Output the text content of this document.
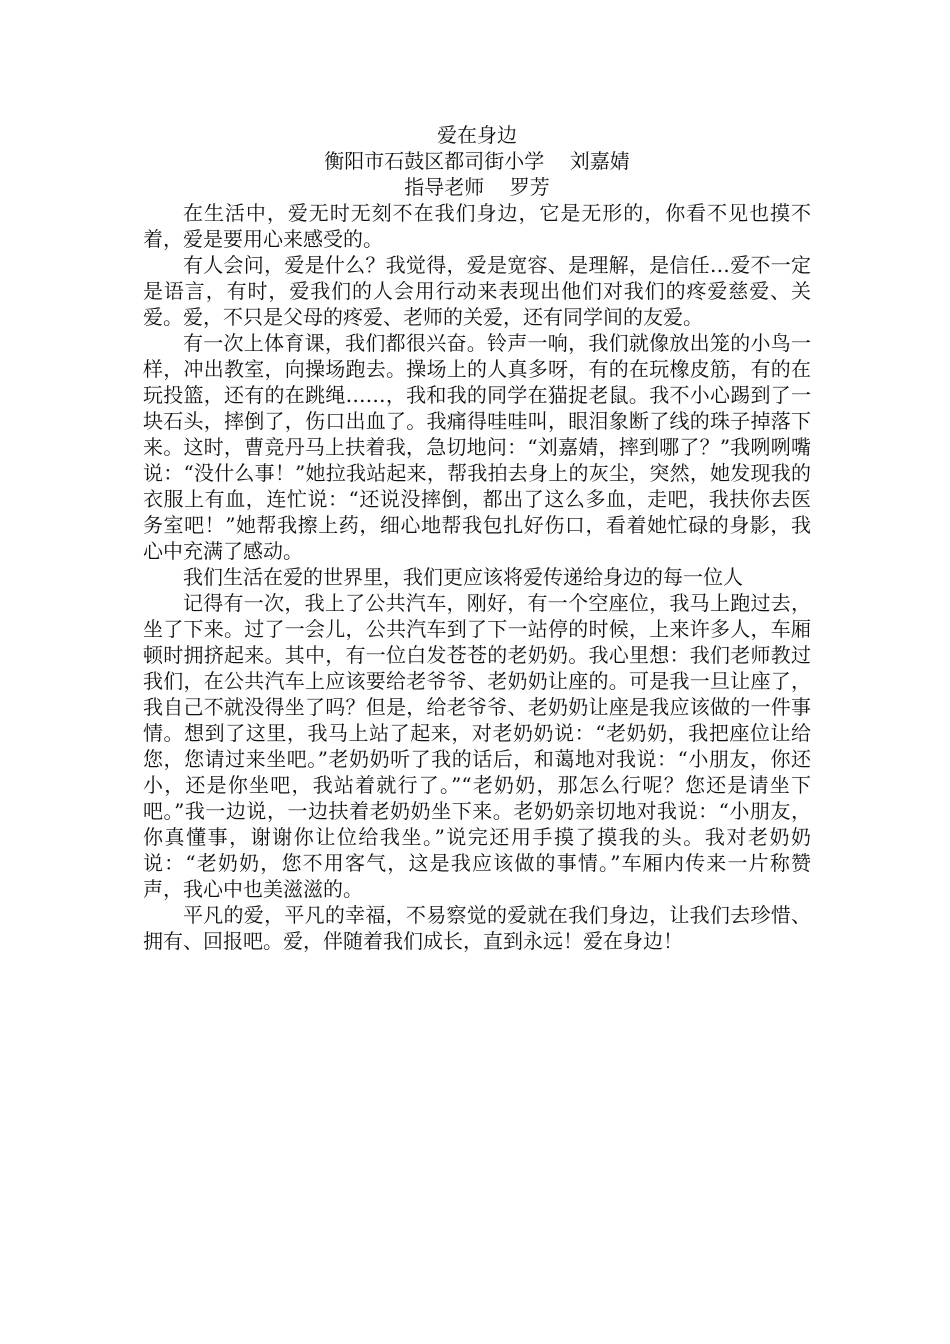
爱在身边
衡阳市石鼓区都司街小学    刘嘉婧
指导老师    罗芳

在生活中，爱无时无刻不在我们身边，它是无形的，你看不见也摸不着，爱是要用心来感受的。

有人会问，爱是什么？我觉得，爱是宽容、是理解，是信任…爱不一定是语言，有时，爱我们的人会用行动来表现出他们对我们的疼爱慈爱、关爱。爱，不只是父母的疼爱、老师的关爱，还有同学间的友爱。

有一次上体育课，我们都很兴奋。铃声一响，我们就像放出笼的小鸟一样，冲出教室，向操场跑去。操场上的人真多呀，有的在玩橡皮筋，有的在玩投篮，还有的在跳绳……，我和我的同学在猫捉老鼠。我不小心踢到了一块石头，摔倒了，伤口出血了。我痛得哇哇叫，眼泪象断了线的珠子掉落下来。这时，曹竞丹马上扶着我，急切地问：“刘嘉婧，摔到哪了？”我咧咧嘴说：“没什么事！”她拉我站起来，帮我拍去身上的灰尘，突然，她发现我的衣服上有血，连忙说：“还说没摔倒，都出了这么多血，走吧，我扶你去医务室吧！”她帮我擦上药，细心地帮我包扎好伤口，看着她忙碌的身影，我心中充满了感动。

我们生活在爱的世界里，我们更应该将爱传递给身边的每一位人

记得有一次，我上了公共汽车，刚好，有一个空座位，我马上跑过去，坐了下来。过了一会儿，公共汽车到了下一站停的时候，上来许多人，车厢顿时拥挤起来。其中，有一位白发苍苍的老奶奶。我心里想：我们老师教过我们，在公共汽车上应该要给老爷爷、老奶奶让座的。可是我一旦让座了，我自己不就没得坐了吗？但是，给老爷爷、老奶奶让座是我应该做的一件事情。想到了这里，我马上站了起来，对老奶奶说：“老奶奶，我把座位让给您，您请过来坐吧。”老奶奶听了我的话后，和蔼地对我说：“小朋友，你还小，还是你坐吧，我站着就行了。”“老奶奶，那怎么行呢？您还是请坐下吧。”我一边说，一边扶着老奶奶坐下来。老奶奶亲切地对我说：“小朋友，你真懂事，谢谢你让位给我坐。”说完还用手摸了摸我的头。我对老奶奶说：“老奶奶，您不用客气，这是我应该做的事情。”车厢内传来一片称赞声，我心中也美滋滋的。

平凡的爱，平凡的幸福，不易察觉的爱就在我们身边，让我们去珍惜、拥有、回报吧。爱，伴随着我们成长，直到永远！爱在身边！
